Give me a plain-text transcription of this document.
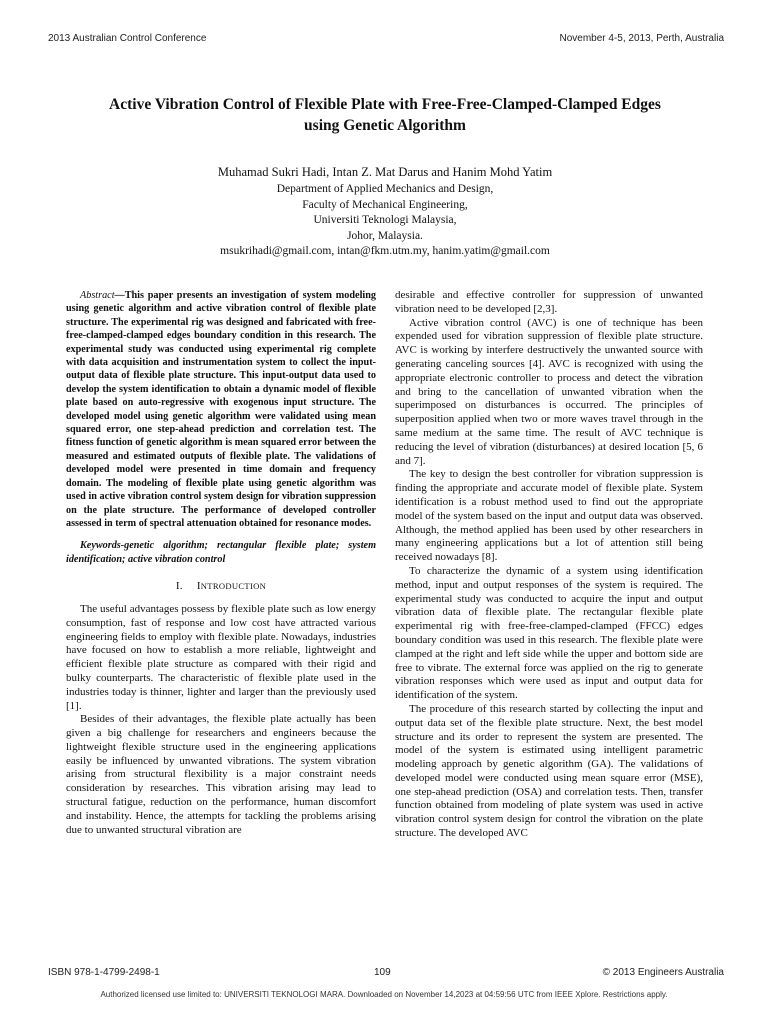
2013 Australian Control Conference	November 4-5, 2013, Perth, Australia
Active Vibration Control of Flexible Plate with Free-Free-Clamped-Clamped Edges
using Genetic Algorithm
Muhamad Sukri Hadi, Intan Z. Mat Darus and Hanim Mohd Yatim
Department of Applied Mechanics and Design,
Faculty of Mechanical Engineering,
Universiti Teknologi Malaysia,
Johor, Malaysia.
msukrihadi@gmail.com, intan@fkm.utm.my, hanim.yatim@gmail.com

Abstract—This paper presents an investigation of system modeling using genetic algorithm and active vibration control of flexible plate structure. The experimental rig was designed and fabricated with free-free-clamped-clamped edges boundary condition in this research. The experimental study was conducted using experimental rig complete with data acquisition and instrumentation system to collect the input-output data of flexible plate structure. This input-output data used to develop the system identification to obtain a dynamic model of flexible plate based on auto-regressive with exogenous input structure. The developed model using genetic algorithm were validated using mean squared error, one step-ahead prediction and correlation test. The fitness function of genetic algorithm is mean squared error between the measured and estimated outputs of flexible plate. The validations of developed model were presented in time domain and frequency domain. The modeling of flexible plate using genetic algorithm was used in active vibration control system design for vibration suppression on the plate structure. The performance of developed controller assessed in term of spectral attenuation obtained for resonance modes.

Keywords-genetic algorithm; rectangular flexible plate; system identification; active vibration control

I. INTRODUCTION

The useful advantages possess by flexible plate such as low energy consumption, fast of response and low cost have attracted various engineering fields to employ with flexible plate. Nowadays, industries have focused on how to establish a more reliable, lightweight and efficient flexible plate structure as compared with their rigid and bulky counterparts. The characteristic of flexible plate used in the industries today is thinner, lighter and larger than the previously used [1].

Besides of their advantages, the flexible plate actually has been given a big challenge for researchers and engineers because the lightweight flexible structure used in the engineering applications easily be influenced by unwanted vibrations. The system vibration arising from structural flexibility is a major constraint needs consideration by researches. This vibration arising may lead to structural fatigue, reduction on the performance, human discomfort and instability. Hence, the attempts for tackling the problems arising due to unwanted structural vibration are

desirable and effective controller for suppression of unwanted vibration need to be developed [2,3].

Active vibration control (AVC) is one of technique has been expended used for vibration suppression of flexible plate structure. AVC is working by interfere destructively the unwanted source with generating canceling sources [4]. AVC is recognized with using the appropriate electronic controller to process and detect the vibration and bring to the cancellation of unwanted vibration when the superimposed on disturbances is occurred. The principles of superposition applied when two or more waves travel through in the same medium at the same time. The result of AVC technique is reducing the level of vibration (disturbances) at desired location [5, 6 and 7].

The key to design the best controller for vibration suppression is finding the appropriate and accurate model of flexible plate. System identification is a robust method used to find out the appropriate model of the system based on the input and output data was observed. Although, the method applied has been used by other researchers in many engineering applications but a lot of attention still being received nowadays [8].

To characterize the dynamic of a system using identification method, input and output responses of the system is required. The experimental study was conducted to acquire the input and output vibration data of flexible plate. The rectangular flexible plate experimental rig with free-free-clamped-clamped (FFCC) edges boundary condition was used in this research. The flexible plate were clamped at the right and left side while the upper and bottom side are free to vibrate. The external force was applied on the rig to generate vibration responses which were used as input and output data for identification of the system.

The procedure of this research started by collecting the input and output data set of the flexible plate structure. Next, the best model structure and its order to represent the system are presented. The model of the system is estimated using intelligent parametric modeling approach by genetic algorithm (GA). The validations of developed model were conducted using mean square error (MSE), one step-ahead prediction (OSA) and correlation tests. Then, transfer function obtained from modeling of plate system was used in active vibration control system design for control the vibration on the plate structure. The developed AVC

ISBN 978-1-4799-2498-1	109	© 2013 Engineers Australia
Authorized licensed use limited to: UNIVERSITI TEKNOLOGI MARA. Downloaded on November 14,2023 at 04:59:56 UTC from IEEE Xplore. Restrictions apply.
